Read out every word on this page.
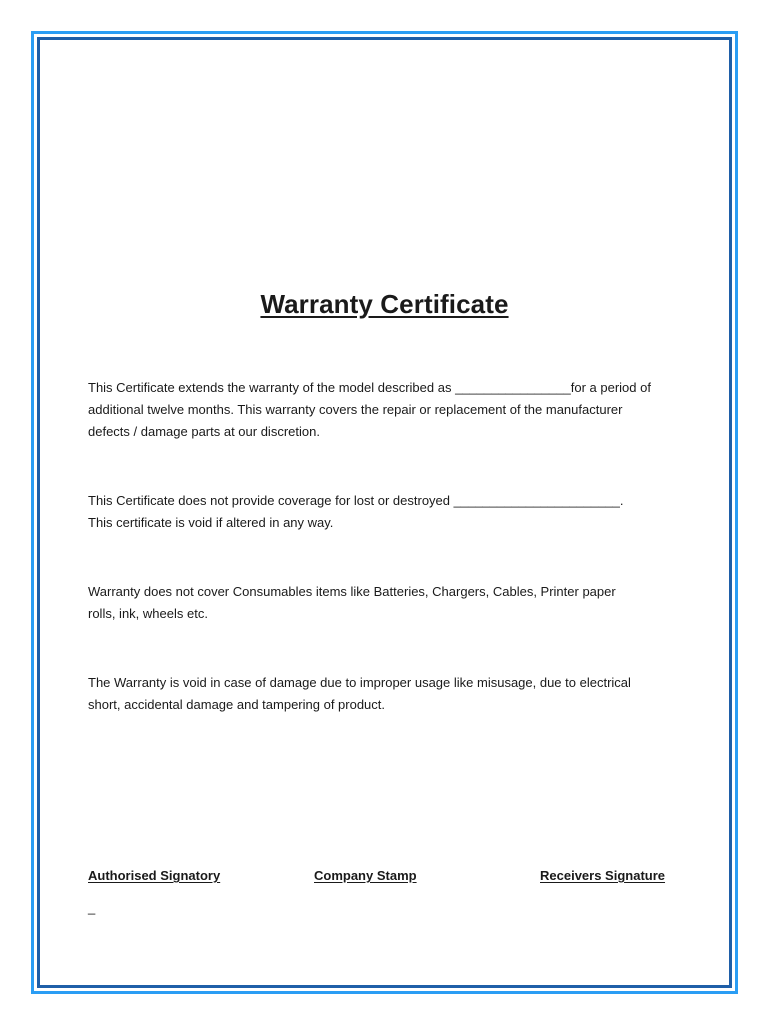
Warranty Certificate
This Certificate extends the warranty of the model described as ________________for a period of
additional twelve months. This warranty covers the repair or replacement of the manufacturer
defects / damage parts at our discretion.
This Certificate does not provide coverage for lost or destroyed _______________________.
This certificate is void if altered in any way.
Warranty does not cover Consumables items like Batteries, Chargers, Cables, Printer paper
rolls, ink, wheels etc.
The Warranty is void in case of damage due to improper usage like misusage, due to electrical
short, accidental damage and tampering of product.
Authorised Signatory	Company Stamp	Receivers Signature
_
